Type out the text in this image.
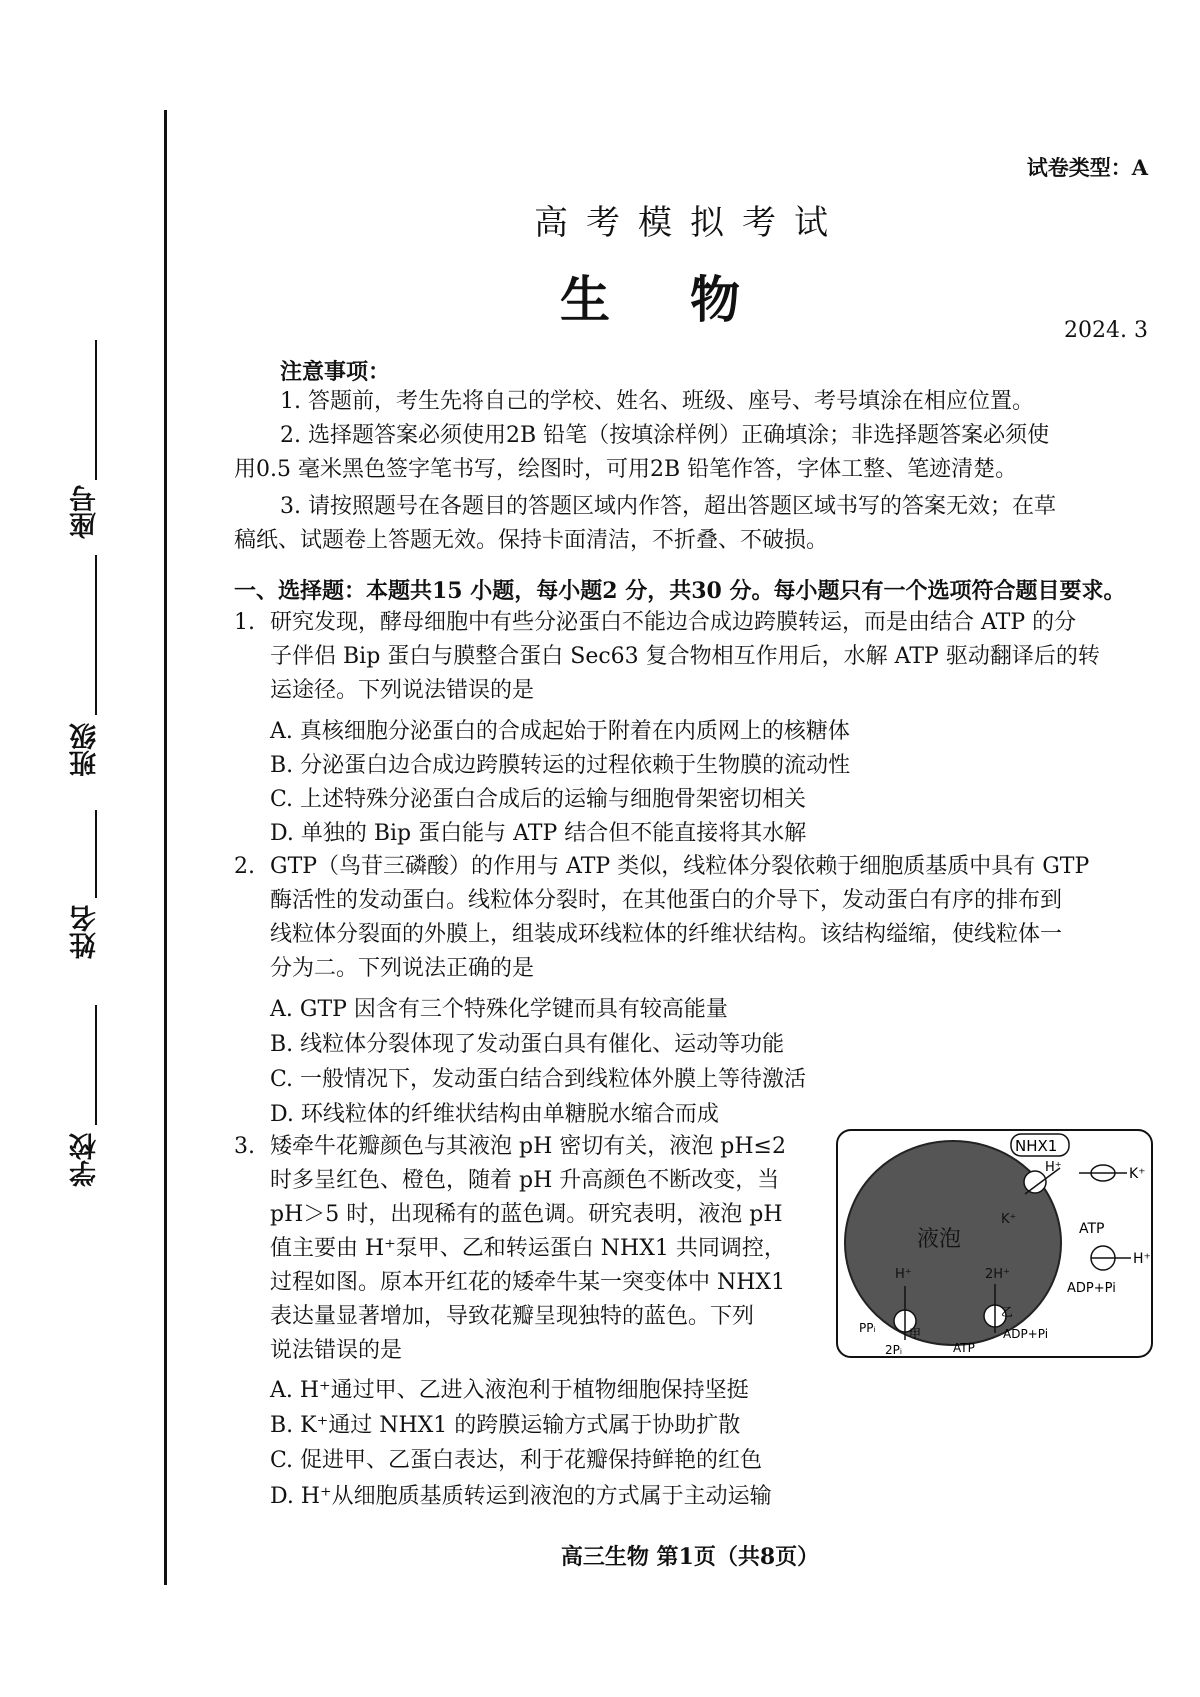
座号
班级
姓名
学校
试卷类型：A
高考模拟考试
生物
2024. 3
注意事项：
1. 答题前，考生先将自己的学校、姓名、班级、座号、考号填涂在相应位置。
2. 选择题答案必须使用2B 铅笔（按填涂样例）正确填涂；非选择题答案必须使
用0.5 毫米黑色签字笔书写，绘图时，可用2B 铅笔作答，字体工整、笔迹清楚。
3. 请按照题号在各题目的答题区域内作答，超出答题区域书写的答案无效；在草
稿纸、试题卷上答题无效。保持卡面清洁，不折叠、不破损。
一、选择题：本题共15 小题，每小题2 分，共30 分。每小题只有一个选项符合题目要求。
1. 研究发现，酵母细胞中有些分泌蛋白不能边合成边跨膜转运，而是由结合 ATP 的分
子伴侣 Bip 蛋白与膜整合蛋白 Sec63 复合物相互作用后，水解 ATP 驱动翻译后的转
运途径。下列说法错误的是
A. 真核细胞分泌蛋白的合成起始于附着在内质网上的核糖体
B. 分泌蛋白边合成边跨膜转运的过程依赖于生物膜的流动性
C. 上述特殊分泌蛋白合成后的运输与细胞骨架密切相关
D. 单独的 Bip 蛋白能与 ATP 结合但不能直接将其水解
2. GTP（鸟苷三磷酸）的作用与 ATP 类似，线粒体分裂依赖于细胞质基质中具有 GTP
酶活性的发动蛋白。线粒体分裂时，在其他蛋白的介导下，发动蛋白有序的排布到
线粒体分裂面的外膜上，组装成环线粒体的纤维状结构。该结构缢缩，使线粒体一
分为二。下列说法正确的是
A. GTP 因含有三个特殊化学键而具有较高能量
B. 线粒体分裂体现了发动蛋白具有催化、运动等功能
C. 一般情况下，发动蛋白结合到线粒体外膜上等待激活
D. 环线粒体的纤维状结构由单糖脱水缩合而成
3. 矮牵牛花瓣颜色与其液泡 pH 密切有关，液泡 pH≤2
时多呈红色、橙色，随着 pH 升高颜色不断改变，当
pH＞5 时，出现稀有的蓝色调。研究表明，液泡 pH
值主要由 H⁺泵甲、乙和转运蛋白 NHX1 共同调控，
过程如图。原本开红花的矮牵牛某一突变体中 NHX1
表达量显著增加，导致花瓣呈现独特的蓝色。下列
说法错误的是
A. H⁺通过甲、乙进入液泡利于植物细胞保持坚挺
B. K⁺通过 NHX1 的跨膜运输方式属于协助扩散
C. 促进甲、乙蛋白表达，利于花瓣保持鲜艳的红色
D. H⁺从细胞质基质转运到液泡的方式属于主动运输
液泡
NHX1
H⁺
K⁺
K⁺
ATP
H⁺
ADP+Pi
H⁺
甲
PPᵢ
2Pᵢ
2H⁺
乙
ATP
ADP+Pi
高三生物 第1页（共8页）
